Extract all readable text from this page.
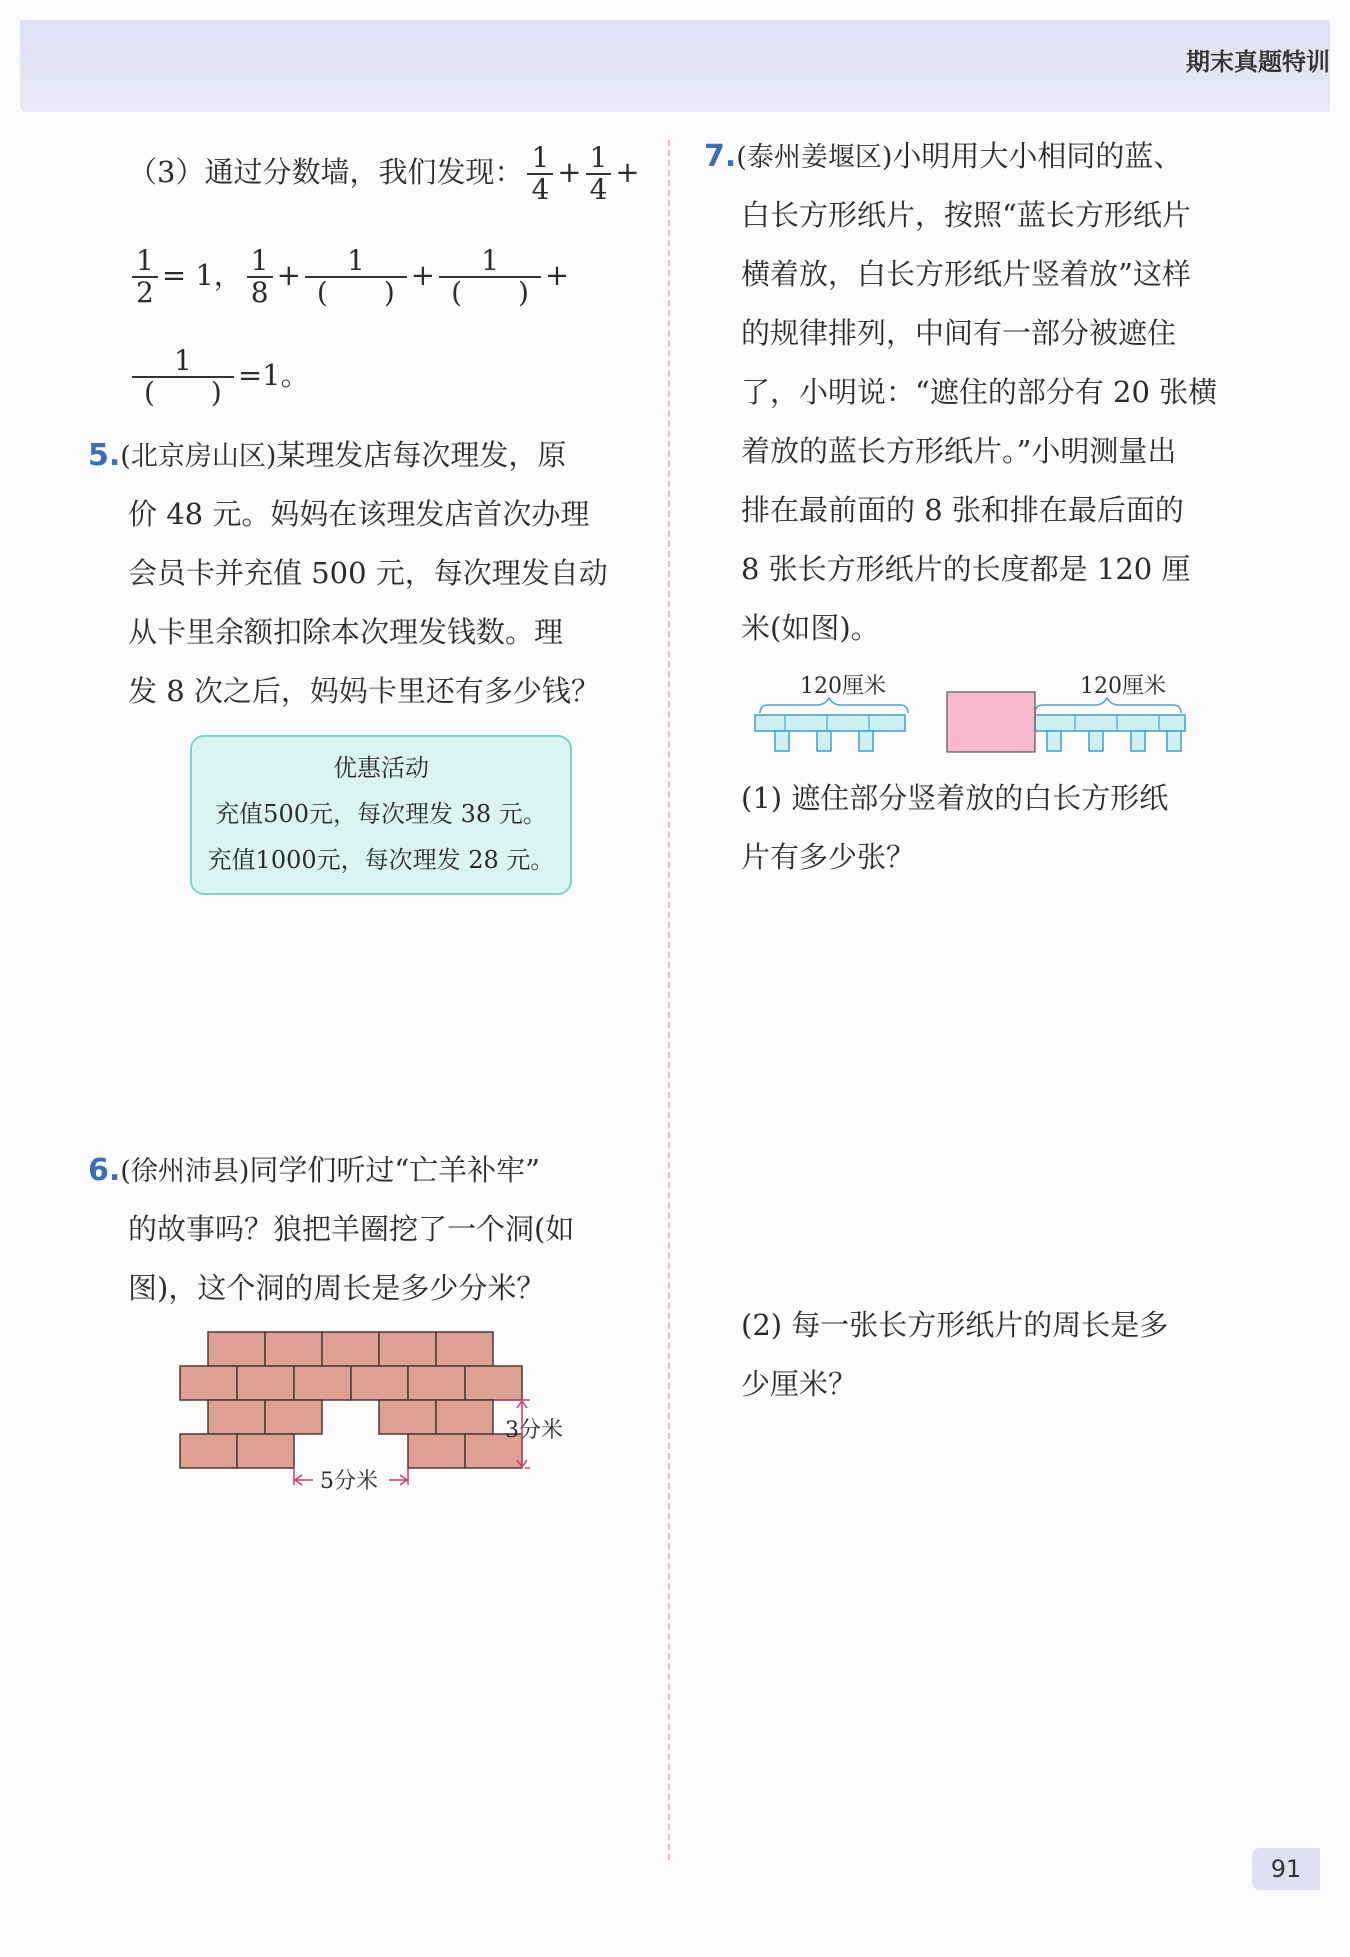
期末真题特训
（3）通过分数墙，我们发现： $\frac{1}{4} + \frac{1}{4}$ +
$\frac{1}{2} = 1$， $\frac{1}{8} + \frac{1}{( )} + \frac{1}{( )}$ +
$\frac{1}{( )} =1$。
5.(北京房山区)某理发店每次理发，原
价 48 元。妈妈在该理发店首次办理
会员卡并充值 500 元，每次理发自动
从卡里余额扣除本次理发钱数。理
发 8 次之后，妈妈卡里还有多少钱？
优惠活动
充值500元，每次理发 38 元。
充值1000元，每次理发 28 元。
6.(徐州沛县)同学们听过“亡羊补牢”
的故事吗？狼把羊圈挖了一个洞(如
图)，这个洞的周长是多少分米？
3分米
5分米
7.(泰州姜堰区)小明用大小相同的蓝、
白长方形纸片，按照“蓝长方形纸片
横着放，白长方形纸片竖着放”这样
的规律排列，中间有一部分被遮住
了，小明说：“遮住的部分有 20 张横
着放的蓝长方形纸片。”小明测量出
排在最前面的 8 张和排在最后面的
8 张长方形纸片的长度都是 120 厘
米(如图)。
120厘米	120厘米
(1) 遮住部分竖着放的白长方形纸
片有多少张？
(2) 每一张长方形纸片的周长是多
少厘米？
91
